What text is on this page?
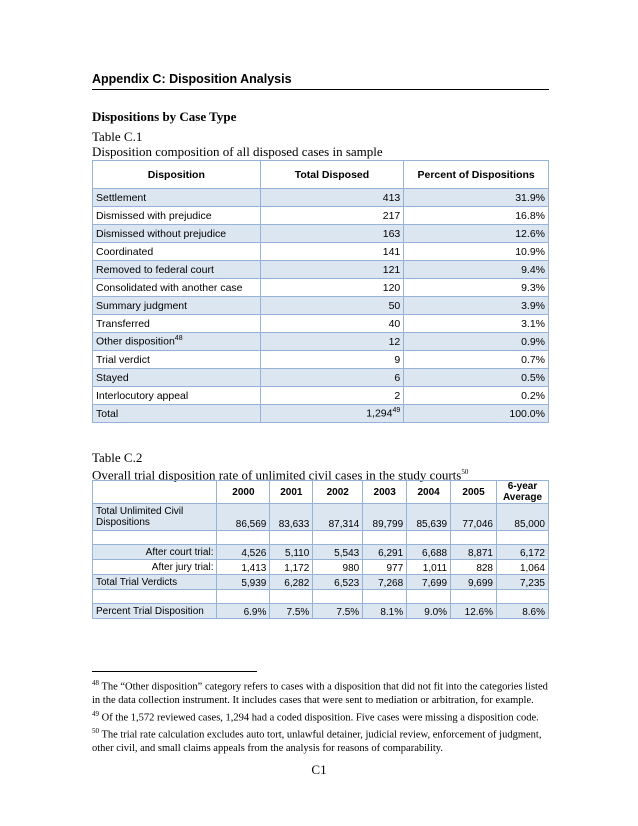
Appendix C: Disposition Analysis
Dispositions by Case Type
Table C.1
Disposition composition of all disposed cases in sample
Disposition	Total Disposed	Percent of Dispositions
Settlement	413	31.9%
Dismissed with prejudice	217	16.8%
Dismissed without prejudice	163	12.6%
Coordinated	141	10.9%
Removed to federal court	121	9.4%
Consolidated with another case	120	9.3%
Summary judgment	50	3.9%
Transferred	40	3.1%
Other disposition$^{48}$	12	0.9%
Trial verdict	9	0.7%
Stayed	6	0.5%
Interlocutory appeal	2	0.2%
Total	1,294$^{49}$	100.0%
Table C.2
Overall trial disposition rate of unlimited civil cases in the study courts$^{50}$
	2000	2001	2002	2003	2004	2005	6-year Average
Total Unlimited Civil Dispositions	86,569	83,633	87,314	89,799	85,639	77,046	85,000

After court trial:	4,526	5,110	5,543	6,291	6,688	8,871	6,172
After jury trial:	1,413	1,172	980	977	1,011	828	1,064
Total Trial Verdicts	5,939	6,282	6,523	7,268	7,699	9,699	7,235

Percent Trial Disposition	6.9%	7.5%	7.5%	8.1%	9.0%	12.6%	8.6%
$^{48}$ The “Other disposition” category refers to cases with a disposition that did not fit into the categories listed in the data collection instrument. It includes cases that were sent to mediation or arbitration, for example.
$^{49}$ Of the 1,572 reviewed cases, 1,294 had a coded disposition. Five cases were missing a disposition code.
$^{50}$ The trial rate calculation excludes auto tort, unlawful detainer, judicial review, enforcement of judgment, other civil, and small claims appeals from the analysis for reasons of comparability.
C1
